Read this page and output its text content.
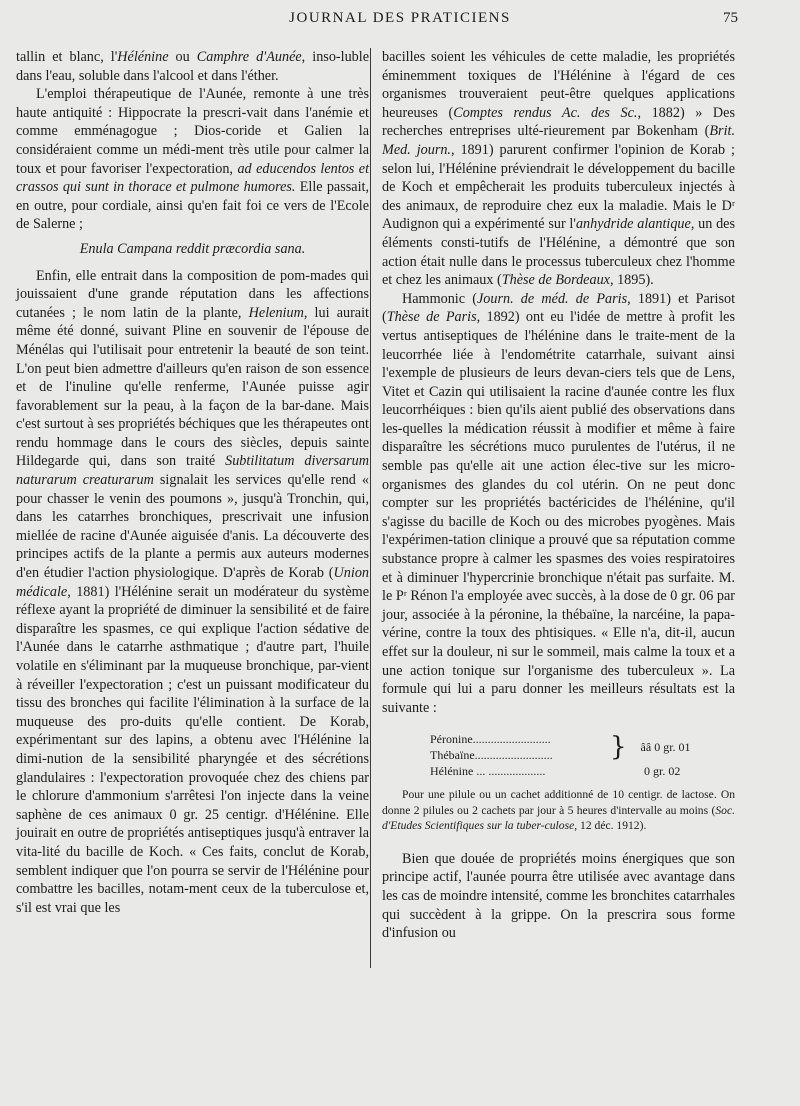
JOURNAL DES PRATICIENS	75

tallin et blanc, l'Hélénine ou Camphre d'Aunée, inso-luble dans l'eau, soluble dans l'alcool et dans l'éther.

L'emploi thérapeutique de l'Aunée, remonte à une très haute antiquité : Hippocrate la prescri-vait dans l'anémie et comme emménagogue ; Dios-coride et Galien la considéraient comme un médi-ment très utile pour calmer la toux et pour favoriser l'expectoration, ad educendos lentos et crassos qui sunt in thorace et pulmone humores. Elle passait, en outre, pour cordiale, ainsi qu'en fait foi ce vers de l'Ecole de Salerne ;

Enula Campana reddit præcordia sana.

Enfin, elle entrait dans la composition de pom-mades qui jouissaient d'une grande réputation dans les affections cutanées ; le nom latin de la plante, Helenium, lui aurait même été donné, suivant Pline en souvenir de l'épouse de Ménélas qui l'utilisait pour entretenir la beauté de son teint. L'on peut bien admettre d'ailleurs qu'en raison de son essence et de l'inuline qu'elle renferme, l'Aunée puisse agir favorablement sur la peau, à la façon de la bar-dane. Mais c'est surtout à ses propriétés béchiques que les thérapeutes ont rendu hommage dans le cours des siècles, depuis sainte Hildegarde qui, dans son traité Subtilitatum diversarum naturarum creaturarum signalait les services qu'elle rend « pour chasser le venin des poumons », jusqu'à Tronchin, qui, dans les catarrhes bronchiques, prescrivait une infusion miellée de racine d'Aunée aiguisée d'anis. La découverte des principes actifs de la plante a permis aux auteurs modernes d'en étudier l'action physiologique. D'après de Korab (Union médicale, 1881) l'Hélénine serait un modérateur du système réflexe ayant la propriété de diminuer la sensibilité et de faire disparaître les spasmes, ce qui explique l'action sédative de l'Aunée dans le catarrhe asthmatique ; d'autre part, l'huile volatile en s'éliminant par la muqueuse bronchique, par-vient à réveiller l'expectoration ; c'est un puissant modificateur du tissu des bronches qui facilite l'élimination à la surface de la muqueuse des pro-duits qu'elle contient. De Korab, expérimentant sur des lapins, a obtenu avec l'Hélénine la dimi-nution de la sensibilité pharyngée et des sécrétions glandulaires : l'expectoration provoquée chez des chiens par le chlorure d'ammonium s'arrêtesi l'on injecte dans la veine saphène de ces animaux 0 gr. 25 centigr. d'Hélénine. Elle jouirait en outre de propriétés antiseptiques jusqu'à entraver la vita-lité du bacille de Koch. « Ces faits, conclut de Korab, semblent indiquer que l'on pourra se servir de l'Hélénine pour combattre les bacilles, notam-ment ceux de la tuberculose et, s'il est vrai que les

bacilles soient les véhicules de cette maladie, les propriétés éminemment toxiques de l'Hélénine à l'égard de ces organismes trouveraient peut-être quelques applications heureuses (Comptes rendus Ac. des Sc., 1882) » Des recherches entreprises ulté-rieurement par Bokenham (Brit. Med. journ., 1891) parurent confirmer l'opinion de Korab ; selon lui, l'Hélénine préviendrait le développement du bacille de Koch et empêcherait les produits tuberculeux injectés à des animaux, de reproduire chez eux la maladie. Mais le Dʳ Audignon qui a expérimenté sur l'anhydride alantique, un des éléments consti-tutifs de l'Hélénine, a démontré que son action était nulle dans le processus tuberculeux chez l'homme et chez les animaux (Thèse de Bordeaux, 1895).

Hammonic (Journ. de méd. de Paris, 1891) et Parisot (Thèse de Paris, 1892) ont eu l'idée de mettre à profit les vertus antiseptiques de l'hélénine dans le traite-ment de la leucorrhée liée à l'endométrite catarrhale, suivant ainsi l'exemple de plusieurs de leurs devan-ciers tels que de Lens, Vitet et Cazin qui utilisaient la racine d'aunée contre les flux leucorrhéiques : bien qu'ils aient publié des observations dans les-quelles la médication réussit à modifier et même à faire disparaître les sécrétions muco purulentes de l'utérus, il ne semble pas qu'elle ait une action élec-tive sur les micro-organismes des glandes du col utérin. On ne peut donc compter sur les propriétés bactéricides de l'hélénine, qu'il s'agisse du bacille de Koch ou des microbes pyogènes. Mais l'expérimen-tation clinique a prouvé que sa réputation comme substance propre à calmer les spasmes des voies respiratoires et à diminuer l'hypercrinie bronchique n'était pas surfaite. M. le Pʳ Rénon l'a employée avec succès, à la dose de 0 gr. 06 par jour, associée à la péronine, la thébaïne, la narcéine, la papa-vérine, contre la toux des phtisiques. « Elle n'a, dit-il, aucun effet sur la douleur, ni sur le sommeil, mais calme la toux et a une action tonique sur l'organisme des tuberculeux ». La formule qui lui a paru donner les meilleurs résultats est la suivante :

Péronine..........................
Thébaïne..........................	}	ââ 0 gr. 01
Hélénine ... ...................	0 gr. 02

Pour une pilule ou un cachet additionné de 10 centigr. de lactose. On donne 2 pilules ou 2 cachets par jour à 5 heures d'intervalle au moins (Soc. d'Etudes Scientifiques sur la tuber-culose, 12 déc. 1912).

Bien que douée de propriétés moins énergiques que son principe actif, l'aunée pourra être utilisée avec avantage dans les cas de moindre intensité, comme les bronchites catarrhales qui succèdent à la grippe. On la prescrira sous forme d'infusion ou
